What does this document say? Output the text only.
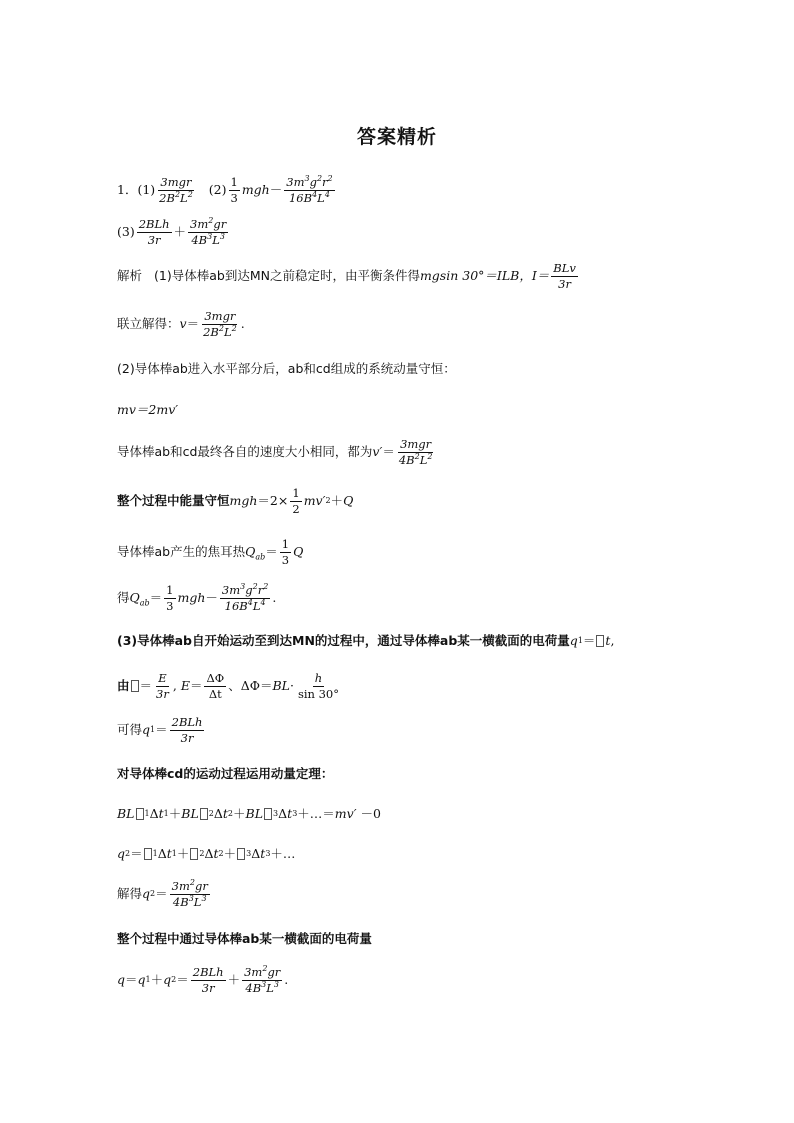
答案精析
1． $(1) \frac{\text{3mgr}}{2B^2L^2} (2) \frac{1}{3}$ mgh － $\frac{3m^3g^2r^2}{16B^4L^4}$
$(3) \frac{\text{2BLh}}{3r} + \frac{3m^2gr}{4B^3L^3}$
解析 (1)导体棒ab到达MN之前稳定时，由平衡条件得 mgsin 30°＝ILB，$I= \frac{\text{BLv}}{3r}$
联立解得： $v = \frac{\text{3mgr}}{2B^2L^2}$ .
(2)导体棒ab进入水平部分后，ab和cd组成的系统动量守恒：
mv＝2mv′
导体棒ab和cd最终各自的速度大小相同，都为 $v' = \frac{\text{3mgr}}{4B^2L^2}$
整个过程中能量守恒 mgh $=2\times \frac{1}{2} mv'$ 2 ＋ Q
导体棒ab产生的焦耳热 $Q_{ab} = \frac{1}{3}$ Q
得 $Q_{ab} = \frac{1}{3}$ mgh － $\frac{3m^3g^2r^2}{16B^4L^4}$ .
(3)导体棒ab自开始运动至到达MN的过程中，通过导体棒ab某一横截面的电荷量 q 1 ＝ t ,
由 ＝ $\frac{E}{3r}$ , $E = \frac{\Delta\Phi}{\Delta t}$ 、ΔΦ＝ BL · $\frac{h}{\sin 30^\circ}$
可得 q $1 = \frac{\text{2BLh}}{3r}$
对导体棒cd的运动过程运用动量定理：
BL 1 Δ t 1 ＋ BL 2 Δ t 2 ＋ BL 3 Δ t 3 ＋…＝ mv′ －0
q 2 ＝ 1 Δ t 1 ＋ 2 Δ t 2 ＋ 3 Δ t 3 ＋…
解得 q $2 = \frac{3m^2gr}{4B^3L^3}$
整个过程中通过导体棒ab某一横截面的电荷量
q ＝ q 1 ＋ q $2 = \frac{\text{2BLh}}{3r} + \frac{3m^2gr}{4B^3L^3}$ .
